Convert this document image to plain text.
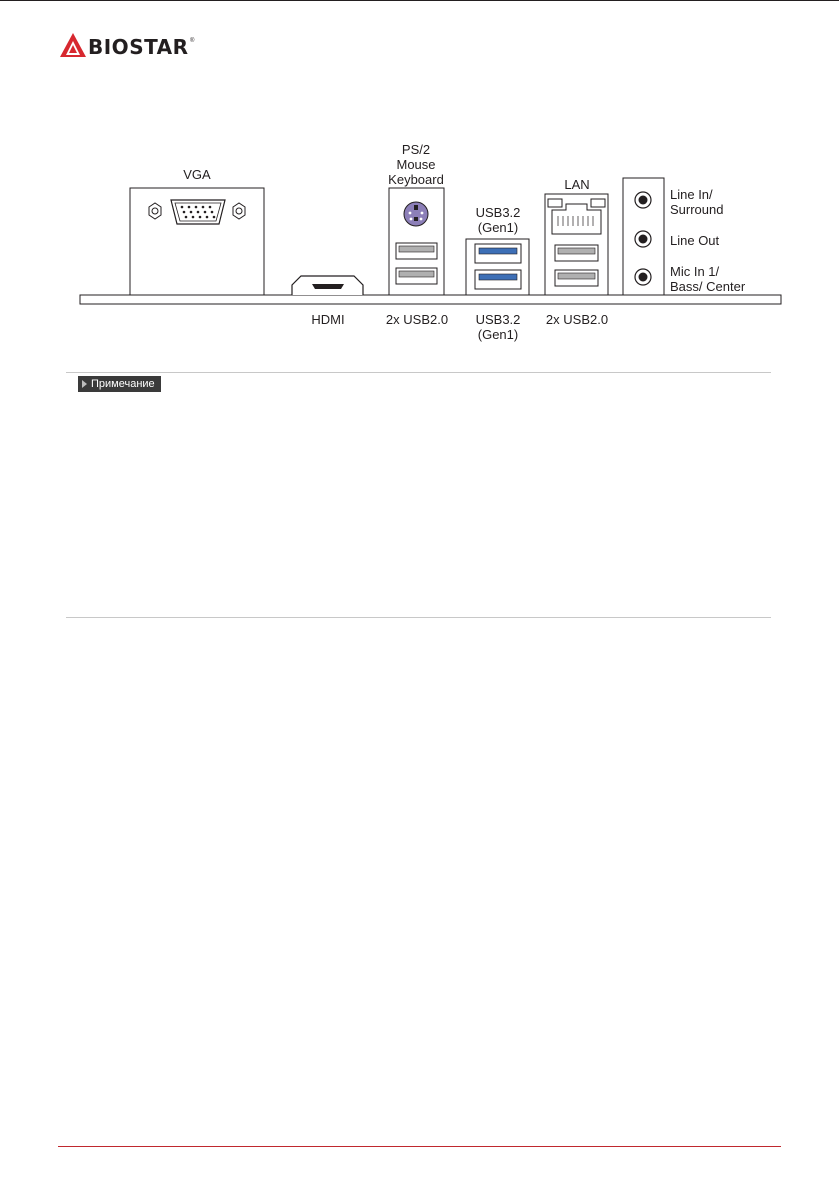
BIOSTAR ®
VGA
PS/2
Mouse
Keyboard	LAN
USB3.2
(Gen1)
HDMI	2x USB2.0	USB3.2
(Gen1)
2x USB2.0
Line In/
Surround
Line Out
Mic In 1/
Bass/ Center
Примечание
